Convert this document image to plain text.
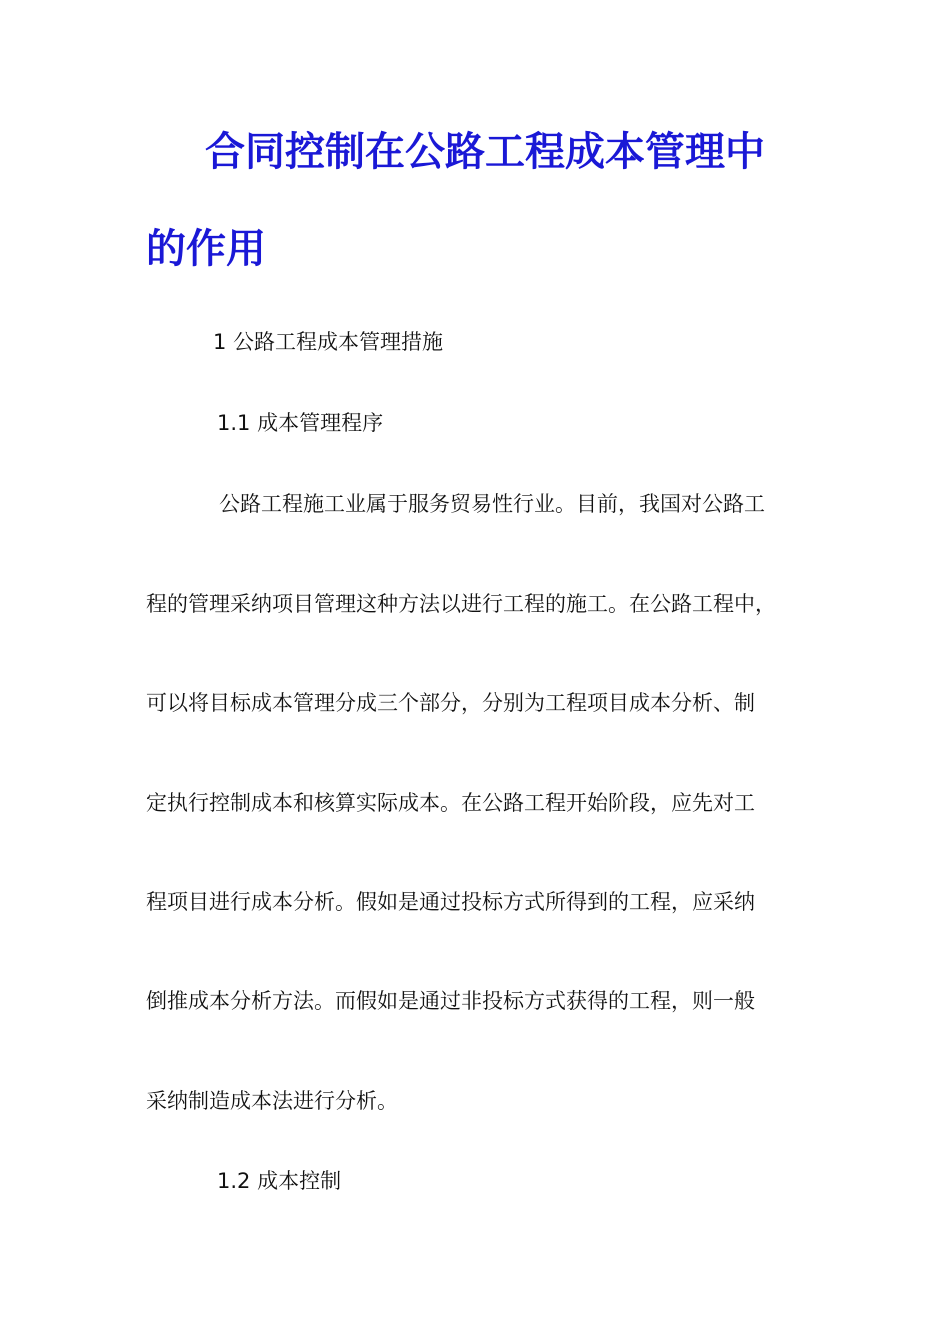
合同控制在公路工程成本管理中
的作用

1 公路工程成本管理措施

1.1 成本管理程序

公路工程施工业属于服务贸易性行业。目前，我国对公路工

程的管理采纳项目管理这种方法以进行工程的施工。在公路工程中，

可以将目标成本管理分成三个部分，分别为工程项目成本分析、制

定执行控制成本和核算实际成本。在公路工程开始阶段，应先对工

程项目进行成本分析。假如是通过投标方式所得到的工程，应采纳

倒推成本分析方法。而假如是通过非投标方式获得的工程，则一般

采纳制造成本法进行分析。

1.2 成本控制
